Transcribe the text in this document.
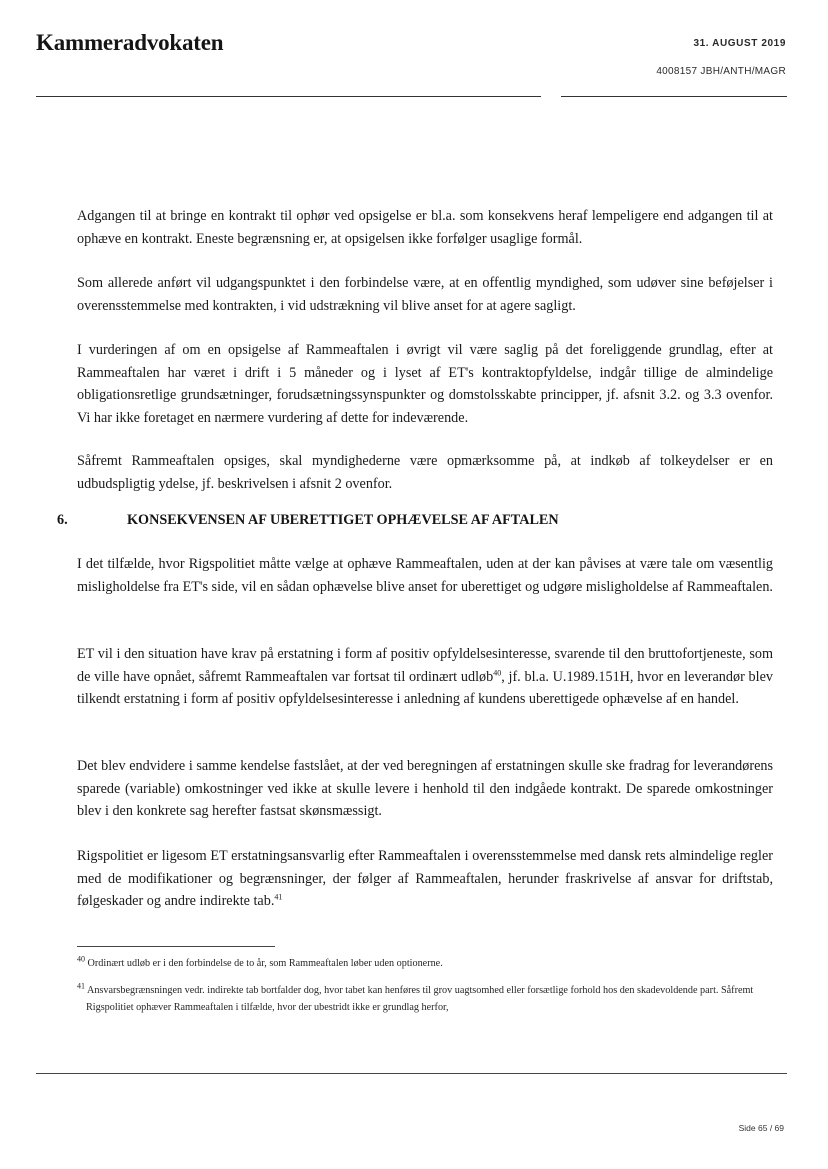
Kammeradvokaten	31. AUGUST 2019
4008157 JBH/ANTH/MAGR

Adgangen til at bringe en kontrakt til ophør ved opsigelse er bl.a. som konsekvens heraf lempeligere end adgangen til at ophæve en kontrakt. Eneste begrænsning er, at opsigelsen ikke forfølger usaglige formål.

Som allerede anført vil udgangspunktet i den forbindelse være, at en offentlig myndighed, som udøver sine beføjelser i overensstemmelse med kontrakten, i vid udstrækning vil blive anset for at agere sagligt.

I vurderingen af om en opsigelse af Rammeaftalen i øvrigt vil være saglig på det foreliggende grundlag, efter at Rammeaftalen har været i drift i 5 måneder og i lyset af ET's kontraktopfyldelse, indgår tillige de almindelige obligationsretlige grundsætninger, forudsætningssynspunkter og domstolsskabte principper, jf. afsnit 3.2. og 3.3 ovenfor. Vi har ikke foretaget en nærmere vurdering af dette for indeværende.

Såfremt Rammeaftalen opsiges, skal myndighederne være opmærksomme på, at indkøb af tolkeydelser er en udbudspligtig ydelse, jf. beskrivelsen i afsnit 2 ovenfor.

I det tilfælde, hvor Rigspolitiet måtte vælge at ophæve Rammeaftalen, uden at der kan påvises at være tale om væsentlig misligholdelse fra ET's side, vil en sådan ophævelse blive anset for uberettiget og udgøre misligholdelse af Rammeaftalen.

ET vil i den situation have krav på erstatning i form af positiv opfyldelsesinteresse, svarende til den bruttofortjeneste, som de ville have opnået, såfremt Rammeaftalen var fortsat til ordinært udløb$^{40}$, jf. bl.a. U.1989.151H, hvor en leverandør blev tilkendt erstatning i form af positiv opfyldelsesinteresse i anledning af kundens uberettigede ophævelse af en handel.

Det blev endvidere i samme kendelse fastslået, at der ved beregningen af erstatningen skulle ske fradrag for leverandørens sparede (variable) omkostninger ved ikke at skulle levere i henhold til den indgåede kontrakt. De sparede omkostninger blev i den konkrete sag herefter fastsat skønsmæssigt.

Rigspolitiet er ligesom ET erstatningsansvarlig efter Rammeaftalen i overensstemmelse med dansk rets almindelige regler med de modifikationer og begrænsninger, der følger af Rammeaftalen, herunder fraskrivelse af ansvar for driftstab, følgeskader og andre indirekte tab.$^{41}$

6.	KONSEKVENSEN AF UBERETTIGET OPHÆVELSE AF AFTALEN

$^{40}$ Ordinært udløb er i den forbindelse de to år, som Rammeaftalen løber uden optionerne.

$^{41}$ Ansvarsbegrænsningen vedr. indirekte tab bortfalder dog, hvor tabet kan henføres til grov uagtsomhed eller forsætlige forhold hos den skadevoldende part. Såfremt Rigspolitiet ophæver Rammeaftalen i tilfælde, hvor der ubestridt ikke er grundlag herfor,

Side 65 / 69
